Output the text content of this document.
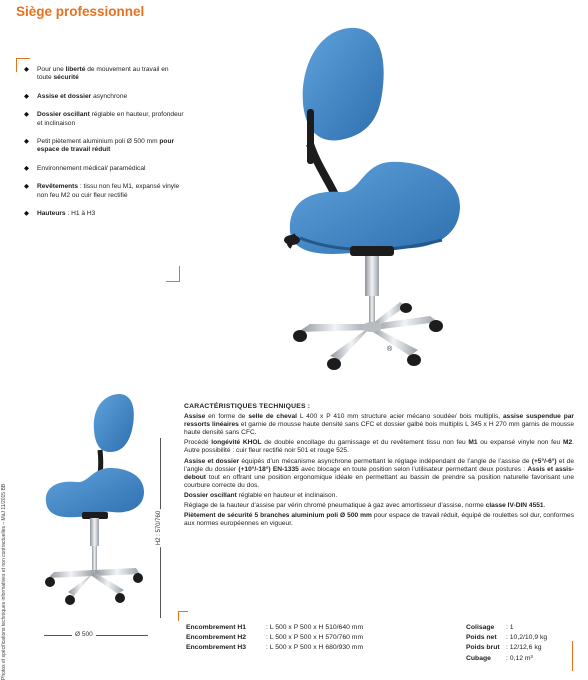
Siège professionnel
◆ Pour une liberté de mouvement au travail en toute sécurité
◆ Assise et dossier asynchrone
◆ Dossier oscillant réglable en hauteur, profondeur et inclinaison
◆ Petit piètement aluminium poli Ø 500 mm pour espace de travail réduit
◆ Environnement médical/ paramédical
◆ Revêtements : tissu non feu M1, expansé vinyle non feu M2 ou cuir fleur rectifié
◆ Hauteurs : H1 à H3
Photos et spécifications techniques informatives et non contractuelles – MàJ 11/2015 BB
®
H2 : 570/760
Ø 500
CARACTÉRISTIQUES TECHNIQUES :

Assise en forme de selle de cheval L 400 x P 410 mm structure acier mécano soudée/ bois multiplis, assise suspendue par ressorts linéaires et garnie de mousse haute densité sans CFC et dossier galbé bois multiplis L 345 x H 270 mm garnis de mousse haute densité sans CFC.

Procédé longévité KHOL de double encollage du garnissage et du revêtement tissu non feu M1 ou expansé vinyle non feu M2. Autre possibilité : cuir fleur rectifié noir 501 et rouge 525.

Assise et dossier équipés d’un mécanisme asynchrone permettant le réglage indépendant de l’angle de l’assise de (+5°/-6°) et de l’angle du dossier (+10°/-18°) EN-1335 avec blocage en toute position selon l’utilisateur permettant deux postures : Assis et assis-debout tout en offrant une position ergonomique idéale en permettant au bassin de prendre sa position naturelle favorisant une courbure correcte du dos.

Dossier oscillant réglable en hauteur et inclinaison.

Réglage de la hauteur d’assise par vérin chromé pneumatique à gaz avec amortisseur d’assise, norme classe IV-DIN 4551.

Piètement de sécurité 5 branches aluminium poli Ø 500 mm pour espace de travail réduit, équipé de roulettes sol dur, conformes aux normes européennes en vigueur.

Encombrement H1	: L 500 x P 500 x H 510/640 mm
Encombrement H2	: L 500 x P 500 x H 570/760 mm
Encombrement H3	: L 500 x P 500 x H 680/930 mm
Colisage : 1
Poids net : 10,2/10,9 kg
Poids brut : 12/12,6 kg
Cubage : 0,12 m³
